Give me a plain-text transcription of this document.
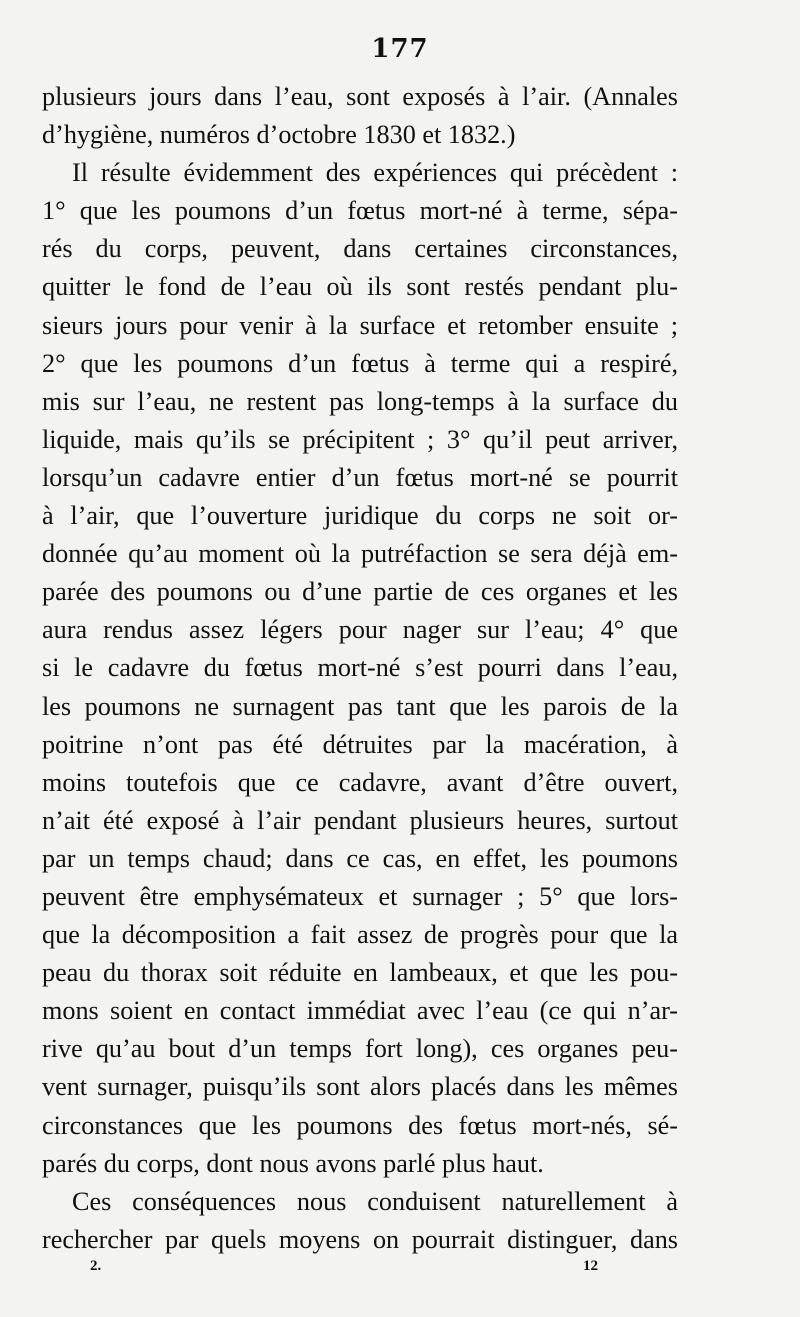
177
plusieurs jours dans l’eau, sont exposés à l’air. (Annales
d’hygiène, numéros d’octobre 1830 et 1832.)
Il résulte évidemment des expériences qui précèdent :
1° que les poumons d’un fœtus mort-né à terme, sépa-
rés du corps, peuvent, dans certaines circonstances,
quitter le fond de l’eau où ils sont restés pendant plu-
sieurs jours pour venir à la surface et retomber ensuite ;
2° que les poumons d’un fœtus à terme qui a respiré,
mis sur l’eau, ne restent pas long-temps à la surface du
liquide, mais qu’ils se précipitent ; 3° qu’il peut arriver,
lorsqu’un cadavre entier d’un fœtus mort-né se pourrit
à l’air, que l’ouverture juridique du corps ne soit or-
donnée qu’au moment où la putréfaction se sera déjà em-
parée des poumons ou d’une partie de ces organes et les
aura rendus assez légers pour nager sur l’eau; 4° que
si le cadavre du fœtus mort-né s’est pourri dans l’eau,
les poumons ne surnagent pas tant que les parois de la
poitrine n’ont pas été détruites par la macération, à
moins toutefois que ce cadavre, avant d’être ouvert,
n’ait été exposé à l’air pendant plusieurs heures, surtout
par un temps chaud; dans ce cas, en effet, les poumons
peuvent être emphysémateux et surnager ; 5° que lors-
que la décomposition a fait assez de progrès pour que la
peau du thorax soit réduite en lambeaux, et que les pou-
mons soient en contact immédiat avec l’eau (ce qui n’ar-
rive qu’au bout d’un temps fort long), ces organes peu-
vent surnager, puisqu’ils sont alors placés dans les mêmes
circonstances que les poumons des fœtus mort-nés, sé-
parés du corps, dont nous avons parlé plus haut.
Ces conséquences nous conduisent naturellement à
rechercher par quels moyens on pourrait distinguer, dans
2.	12
